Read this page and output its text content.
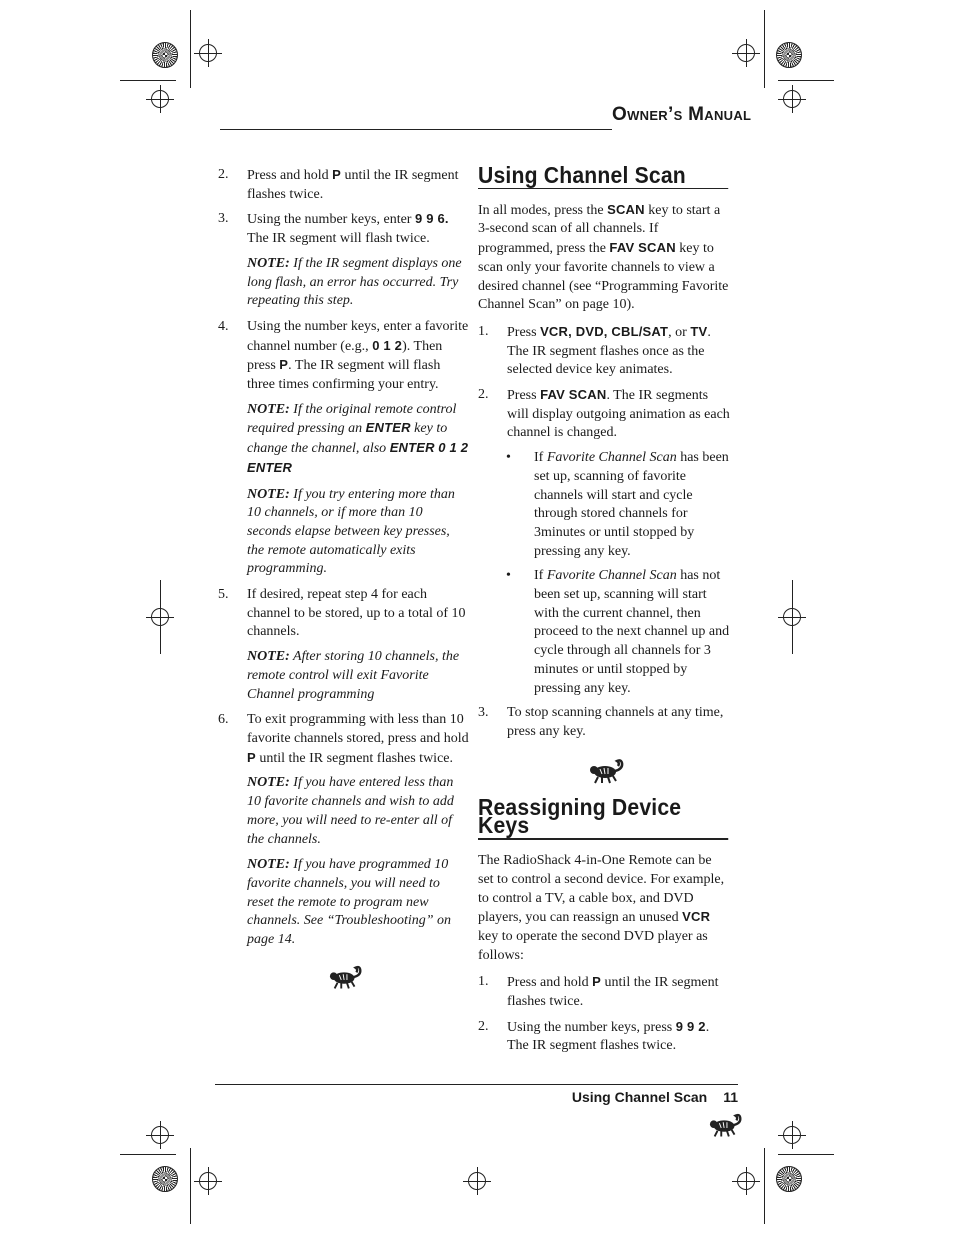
Owner’s Manual
2. Press and hold P until the IR segment flashes twice.
3. Using the number keys, enter 9 9 6. The IR segment will flash twice.
NOTE: If the IR segment displays one long flash, an error has occurred. Try repeating this step.
4. Using the number keys, enter a favorite channel number (e.g., 0 1 2). Then press P. The IR segment will flash three times confirming your entry.
NOTE: If the original remote control required pressing an ENTER key to change the channel, also ENTER 0 1 2 ENTER
NOTE: If you try entering more than 10 channels, or if more than 10 seconds elapse between key presses, the remote automatically exits programming.
5. If desired, repeat step 4 for each channel to be stored, up to a total of 10 channels.
NOTE: After storing 10 channels, the remote control will exit Favorite Channel programming
6. To exit programming with less than 10 favorite channels stored, press and hold P until the IR segment flashes twice.
NOTE: If you have entered less than 10 favorite channels and wish to add more, you will need to re-enter all of the channels.
NOTE: If you have programmed 10 favorite channels, you will need to reset the remote to program new channels. See “Troubleshooting” on page 14.
Using Channel Scan
In all modes, press the SCAN key to start a 3-second scan of all channels. If programmed, press the FAV SCAN key to scan only your favorite channels to view a desired channel (see “Programming Favorite Channel Scan” on page 10).
1. Press VCR, DVD, CBL/SAT, or TV. The IR segment flashes once as the selected device key animates.
2. Press FAV SCAN. The IR segments will display outgoing animation as each channel is changed.
• If Favorite Channel Scan has been set up, scanning of favorite channels will start and cycle through stored channels for 3minutes or until stopped by pressing any key.
• If Favorite Channel Scan has not been set up, scanning will start with the current channel, then proceed to the next channel up and cycle through all channels for 3 minutes or until stopped by pressing any key.
3. To stop scanning channels at any time, press any key.
Reassigning Device Keys
The RadioShack 4-in-One Remote can be set to control a second device. For example, to control a TV, a cable box, and DVD players, you can reassign an unused VCR key to operate the second DVD player as follows:
1. Press and hold P until the IR segment flashes twice.
2. Using the number keys, press 9 9 2. The IR segment flashes twice.
Using Channel Scan 11
